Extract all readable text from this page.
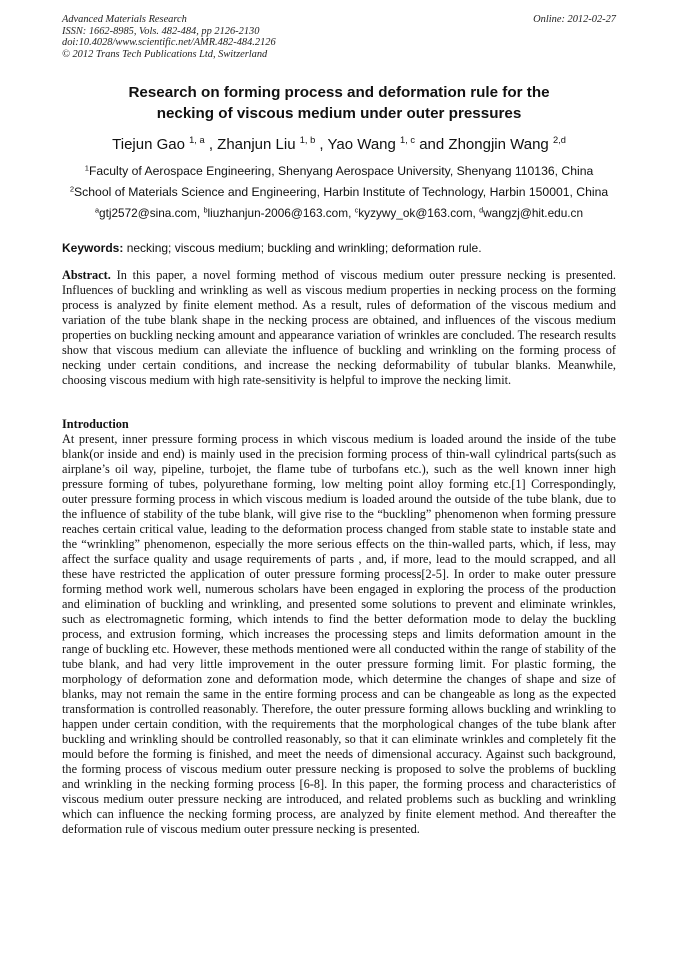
Advanced Materials Research
ISSN: 1662-8985, Vols. 482-484, pp 2126-2130
doi:10.4028/www.scientific.net/AMR.482-484.2126
© 2012 Trans Tech Publications Ltd, Switzerland
Online: 2012-02-27
Research on forming process and deformation rule for the
necking of viscous medium under outer pressures
Tiejun Gao $^{1, a}$ , Zhanjun Liu $^{1, b}$ , Yao Wang $^{1, c}$ and Zhongjin Wang $^{2,d}$
$^1$Faculty of Aerospace Engineering, Shenyang Aerospace University, Shenyang 110136, China
$^2$School of Materials Science and Engineering, Harbin Institute of Technology, Harbin 150001, China
$^a$gtj2572@sina.com, $^b$liuzhanjun-2006@163.com, $^c$kyzywy_ok@163.com, $^d$wangzj@hit.edu.cn
Keywords: necking; viscous medium; buckling and wrinkling; deformation rule.
Abstract. In this paper, a novel forming method of viscous medium outer pressure necking is presented. Influences of buckling and wrinkling as well as viscous medium properties in necking process on the forming process is analyzed by finite element method. As a result, rules of deformation of the viscous medium and variation of the tube blank shape in the necking process are obtained, and influences of the viscous medium properties on buckling necking amount and appearance variation of wrinkles are concluded. The research results show that viscous medium can alleviate the influence of buckling and wrinkling on the forming process of necking under certain conditions, and increase the necking deformability of tubular blanks. Meanwhile, choosing viscous medium with high rate-sensitivity is helpful to improve the necking limit.
Introduction
At present, inner pressure forming process in which viscous medium is loaded around the inside of the tube blank(or inside and end) is mainly used in the precision forming process of thin-wall cylindrical parts(such as airplane’s oil way, pipeline, turbojet, the flame tube of turbofans etc.), such as the well known inner high pressure forming of tubes, polyurethane forming, low melting point alloy forming etc.[1] Correspondingly, outer pressure forming process in which viscous medium is loaded around the outside of the tube blank, due to the influence of stability of the tube blank, will give rise to the “buckling” phenomenon when forming pressure reaches certain critical value, leading to the deformation process changed from stable state to instable state and the “wrinkling” phenomenon, especially the more serious effects on the thin-walled parts, which, if less, may affect the surface quality and usage requirements of parts , and, if more, lead to the mould scrapped, and all these have restricted the application of outer pressure forming process[2-5]. In order to make outer pressure forming method work well, numerous scholars have been engaged in exploring the process of the production and elimination of buckling and wrinkling, and presented some solutions to prevent and eliminate wrinkles, such as electromagnetic forming, which intends to find the better deformation mode to delay the buckling process, and extrusion forming, which increases the processing steps and limits deformation amount in the range of buckling etc. However, these methods mentioned were all conducted within the range of stability of the tube blank, and had very little improvement in the outer pressure forming limit. For plastic forming, the morphology of deformation zone and deformation mode, which determine the changes of shape and size of blanks, may not remain the same in the entire forming process and can be changeable as long as the expected transformation is controlled reasonably. Therefore, the outer pressure forming allows buckling and wrinkling to happen under certain condition, with the requirements that the morphological changes of the tube blank after buckling and wrinkling should be controlled reasonably, so that it can eliminate wrinkles and completely fit the mould before the forming is finished, and meet the needs of dimensional accuracy. Against such background, the forming process of viscous medium outer pressure necking is proposed to solve the problems of buckling and wrinkling in the necking forming process [6-8]. In this paper, the forming process and characteristics of viscous medium outer pressure necking are introduced, and related problems such as buckling and wrinkling which can influence the necking forming process, are analyzed by finite element method. And thereafter the deformation rule of viscous medium outer pressure necking is presented.
